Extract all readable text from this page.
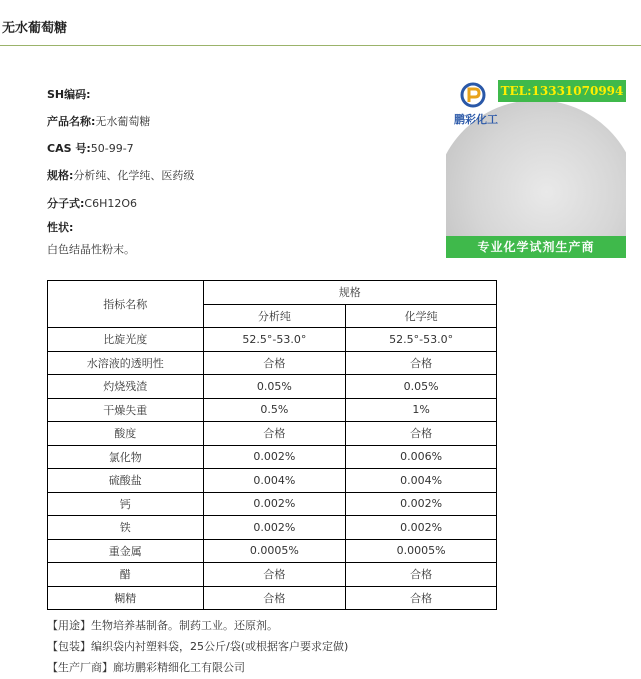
无水葡萄糖
SH编码:
产品名称:无水葡萄糖
CAS 号:50-99-7
规格:分析纯、化学纯、医药级
分子式:C6H12O6
性状:
白色结晶性粉末。
鹏彩化工
TEL:13331070994
专业化学试剂生产商
指标名称	规格	
	分析纯	化学纯
比旋光度	52.5°-53.0°	52.5°-53.0°
水溶液的透明性	合格	合格
灼烧残渣	0.05%	0.05%
干燥失重	0.5%	1%
酸度	合格	合格
氯化物	0.002%	0.006%
硫酸盐	0.004%	0.004%
钙	0.002%	0.002%
铁	0.002%	0.002%
重金属	0.0005%	0.0005%
醋	合格	合格
糊精	合格	合格
【用途】生物培养基制备。制药工业。还原剂。
【包装】编织袋内衬塑料袋，25公斤/袋(或根据客户要求定做)
【生产厂商】廊坊鹏彩精细化工有限公司
